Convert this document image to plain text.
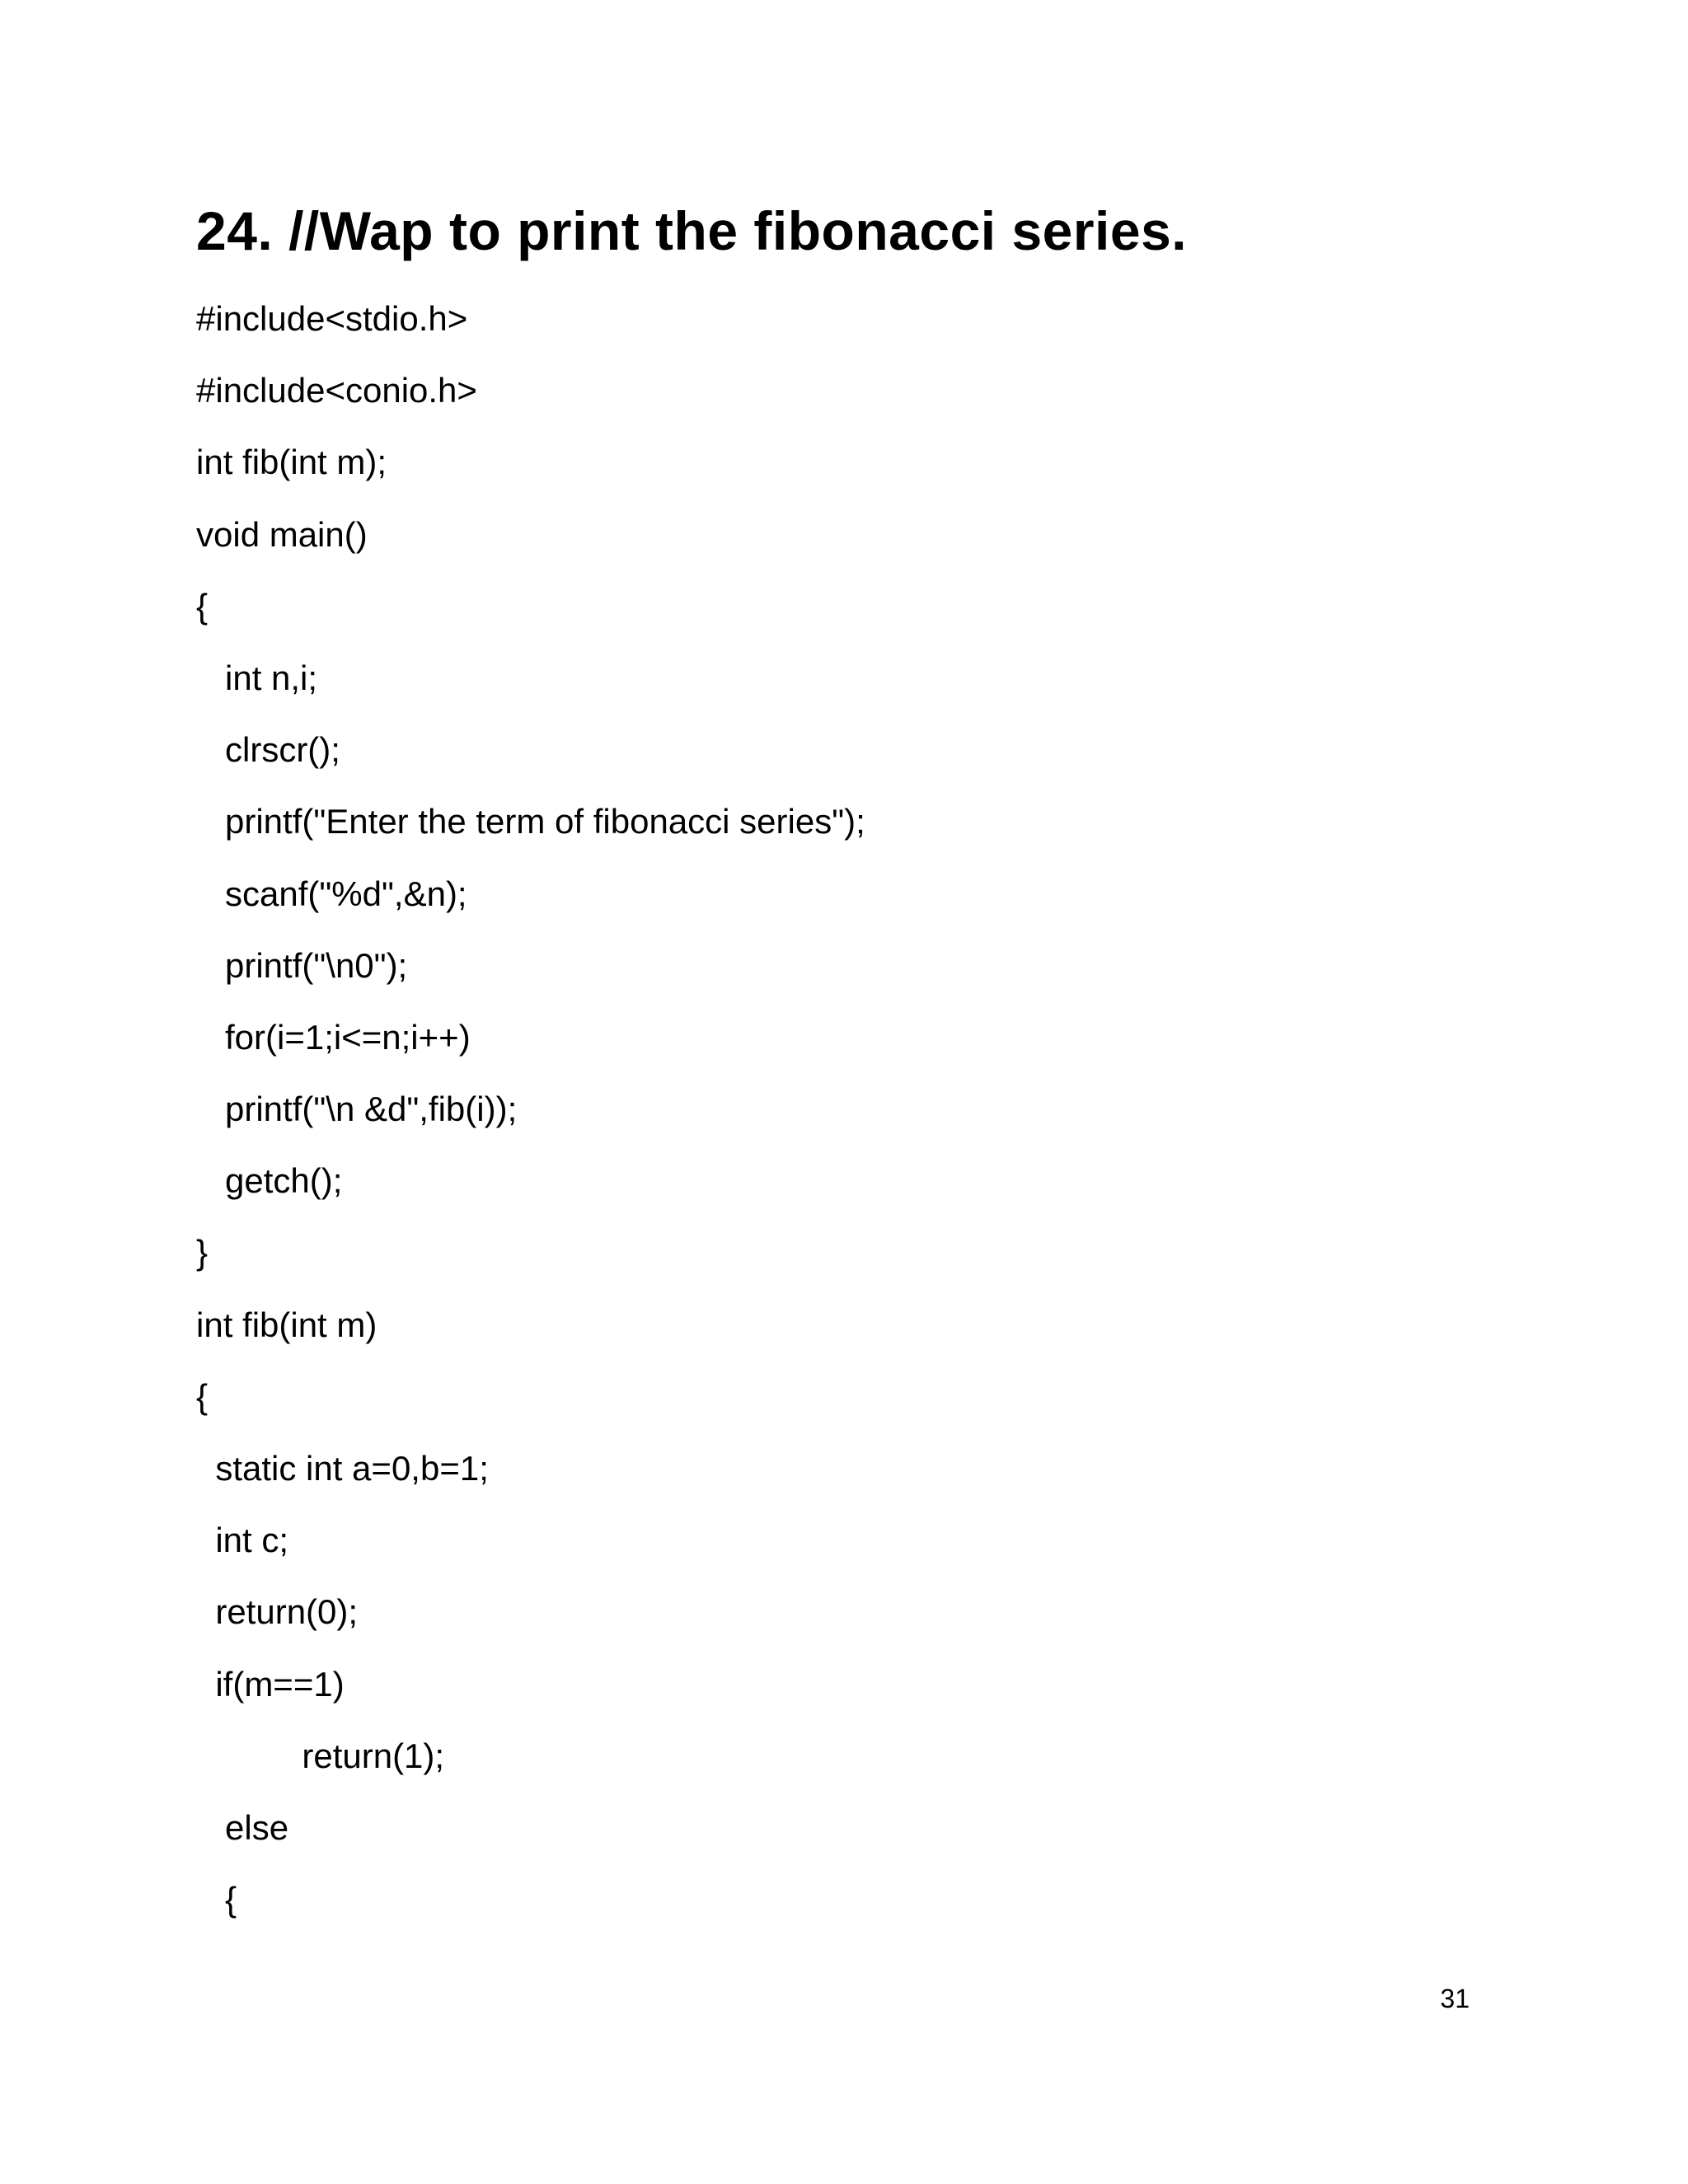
24. //Wap to print the fibonacci series.
#include<stdio.h>
#include<conio.h>
int fib(int m);
void main()
{
int n,i;
clrscr();
printf("Enter the term of fibonacci series");
scanf("%d",&n);
printf("\n0");
for(i=1;i<=n;i++)
printf("\n &d",fib(i));
getch();
}
int fib(int m)
{
static int a=0,b=1;
int c;
return(0);
if(m==1)
return(1);
else
{
31
